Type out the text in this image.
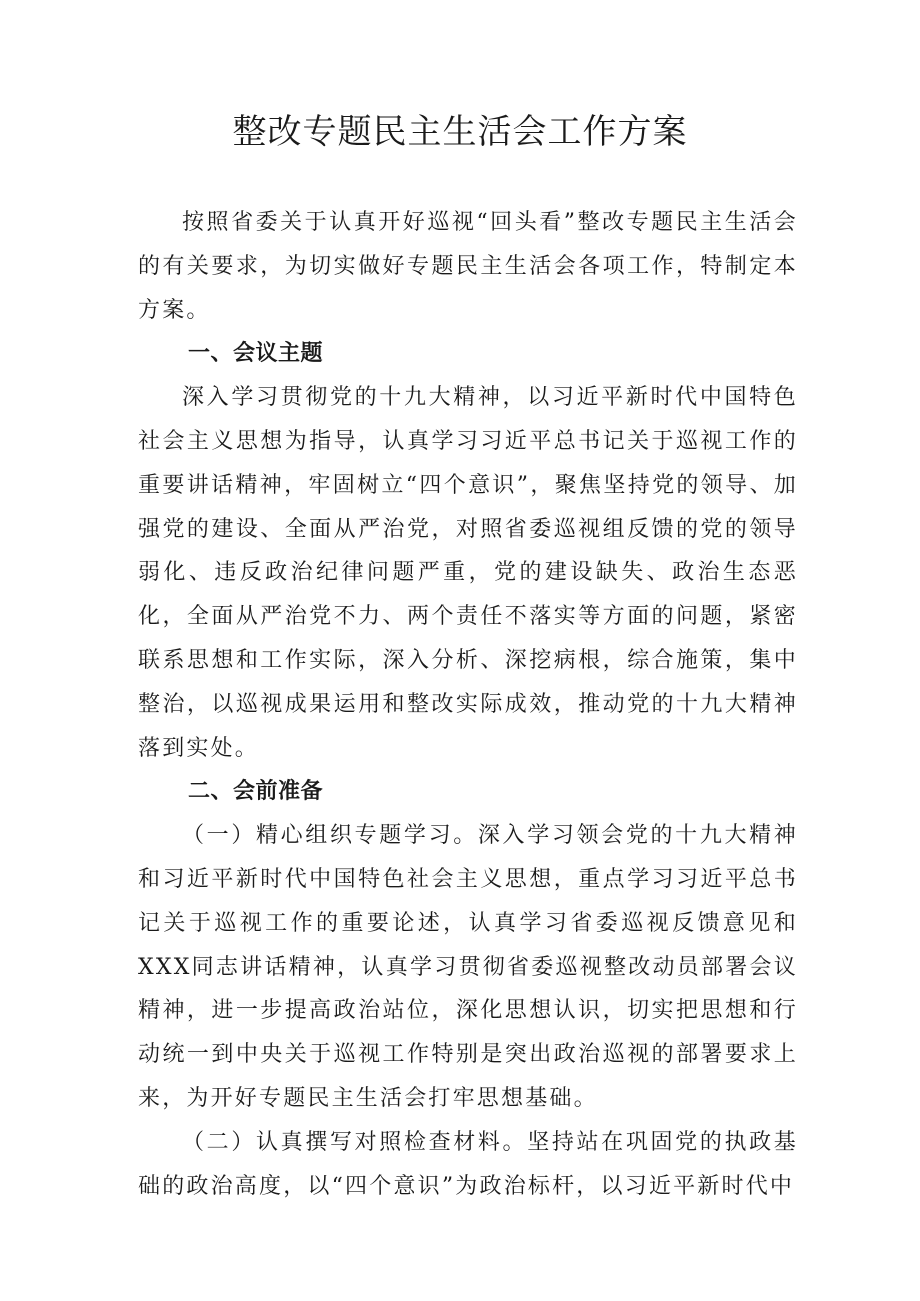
整改专题民主生活会工作方案

按照省委关于认真开好巡视“回头看”整改专题民主生活会的有关要求，为切实做好专题民主生活会各项工作，特制定本方案。

一、会议主题

深入学习贯彻党的十九大精神，以习近平新时代中国特色社会主义思想为指导，认真学习习近平总书记关于巡视工作的重要讲话精神，牢固树立“四个意识”，聚焦坚持党的领导、加强党的建设、全面从严治党，对照省委巡视组反馈的党的领导弱化、违反政治纪律问题严重，党的建设缺失、政治生态恶化，全面从严治党不力、两个责任不落实等方面的问题，紧密联系思想和工作实际，深入分析、深挖病根，综合施策，集中整治，以巡视成果运用和整改实际成效，推动党的十九大精神落到实处。

二、会前准备

（一）精心组织专题学习。深入学习领会党的十九大精神和习近平新时代中国特色社会主义思想，重点学习习近平总书记关于巡视工作的重要论述，认真学习省委巡视反馈意见和XXX同志讲话精神，认真学习贯彻省委巡视整改动员部署会议精神，进一步提高政治站位，深化思想认识，切实把思想和行动统一到中央关于巡视工作特别是突出政治巡视的部署要求上来，为开好专题民主生活会打牢思想基础。

（二）认真撰写对照检查材料。坚持站在巩固党的执政基础的政治高度，以“四个意识”为政治标杆，以习近平新时代中
